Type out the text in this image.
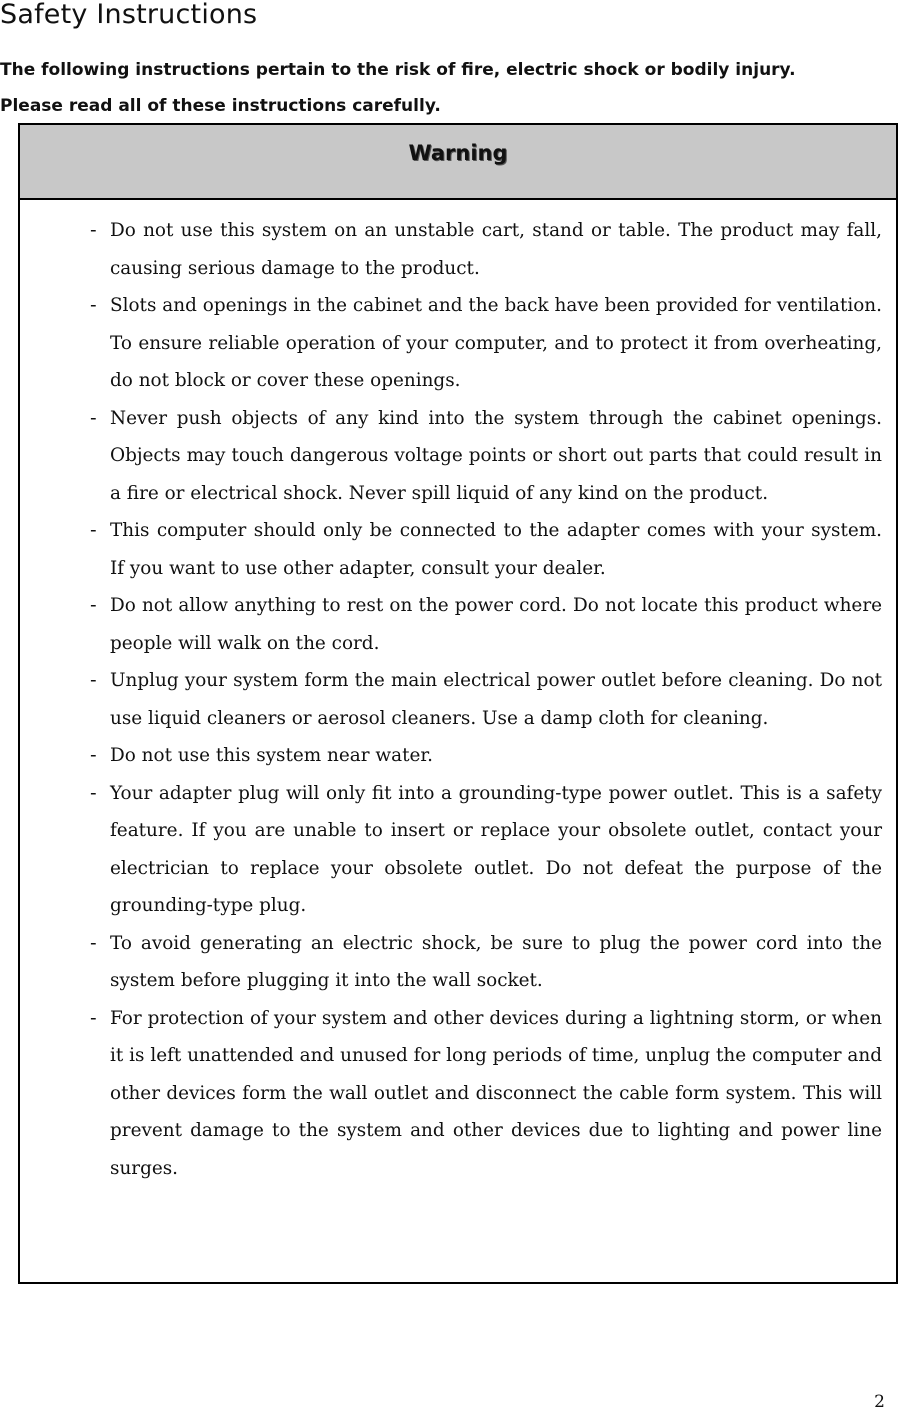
Safety Instructions
The following instructions pertain to the risk of fire, electric shock or bodily injury.
Please read all of these instructions carefully.
Warning
- Do not use this system on an unstable cart, stand or table. The product may fall, causing serious damage to the product.
- Slots and openings in the cabinet and the back have been provided for ventilation. To ensure reliable operation of your computer, and to protect it from overheating, do not block or cover these openings.
- Never push objects of any kind into the system through the cabinet openings. Objects may touch dangerous voltage points or short out parts that could result in a fire or electrical shock. Never spill liquid of any kind on the product.
- This computer should only be connected to the adapter comes with your system. If you want to use other adapter, consult your dealer.
- Do not allow anything to rest on the power cord. Do not locate this product where people will walk on the cord.
- Unplug your system form the main electrical power outlet before cleaning. Do not use liquid cleaners or aerosol cleaners. Use a damp cloth for cleaning.
- Do not use this system near water.
- Your adapter plug will only fit into a grounding-type power outlet. This is a safety feature. If you are unable to insert or replace your obsolete outlet, contact your electrician to replace your obsolete outlet. Do not defeat the purpose of the grounding-type plug.
- To avoid generating an electric shock, be sure to plug the power cord into the system before plugging it into the wall socket.
- For protection of your system and other devices during a lightning storm, or when it is left unattended and unused for long periods of time, unplug the computer and other devices form the wall outlet and disconnect the cable form system. This will prevent damage to the system and other devices due to lighting and power line surges.
2
